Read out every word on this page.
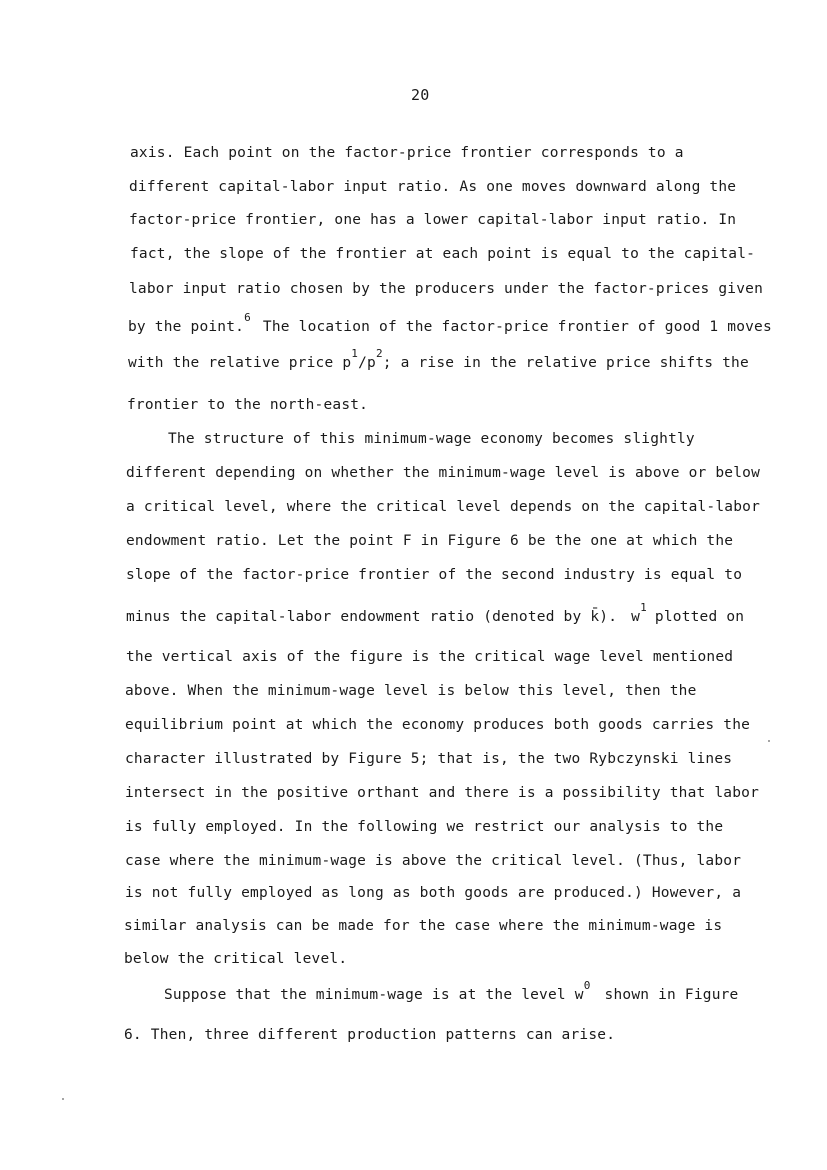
20
axis. Each point on the factor-price frontier corresponds to a
different capital-labor input ratio. As one moves downward along the
factor-price frontier, one has a lower capital-labor input ratio. In
fact, the slope of the frontier at each point is equal to the capital-
labor input ratio chosen by the producers under the factor-prices given
by the point.
6
The location of the factor-price frontier of good 1 moves
with the relative price p
1
/p
2
; a rise in the relative price shifts the
frontier to the north-east.
The structure of this minimum-wage economy becomes slightly
different depending on whether the minimum-wage level is above or below
a critical level, where the critical level depends on the capital-labor
endowment ratio. Let the point F in Figure 6 be the one at which the
slope of the factor-price frontier of the second industry is equal to
minus the capital-labor endowment ratio (denoted by k̄). w
1
plotted on
the vertical axis of the figure is the critical wage level mentioned
above. When the minimum-wage level is below this level, then the
equilibrium point at which the economy produces both goods carries the
character illustrated by Figure 5; that is, the two Rybczynski lines
intersect in the positive orthant and there is a possibility that labor
is fully employed. In the following we restrict our analysis to the
case where the minimum-wage is above the critical level. (Thus, labor
is not fully employed as long as both goods are produced.) However, a
similar analysis can be made for the case where the minimum-wage is
below the critical level.
Suppose that the minimum-wage is at the level w
0
shown in Figure
6. Then, three different production patterns can arise.
